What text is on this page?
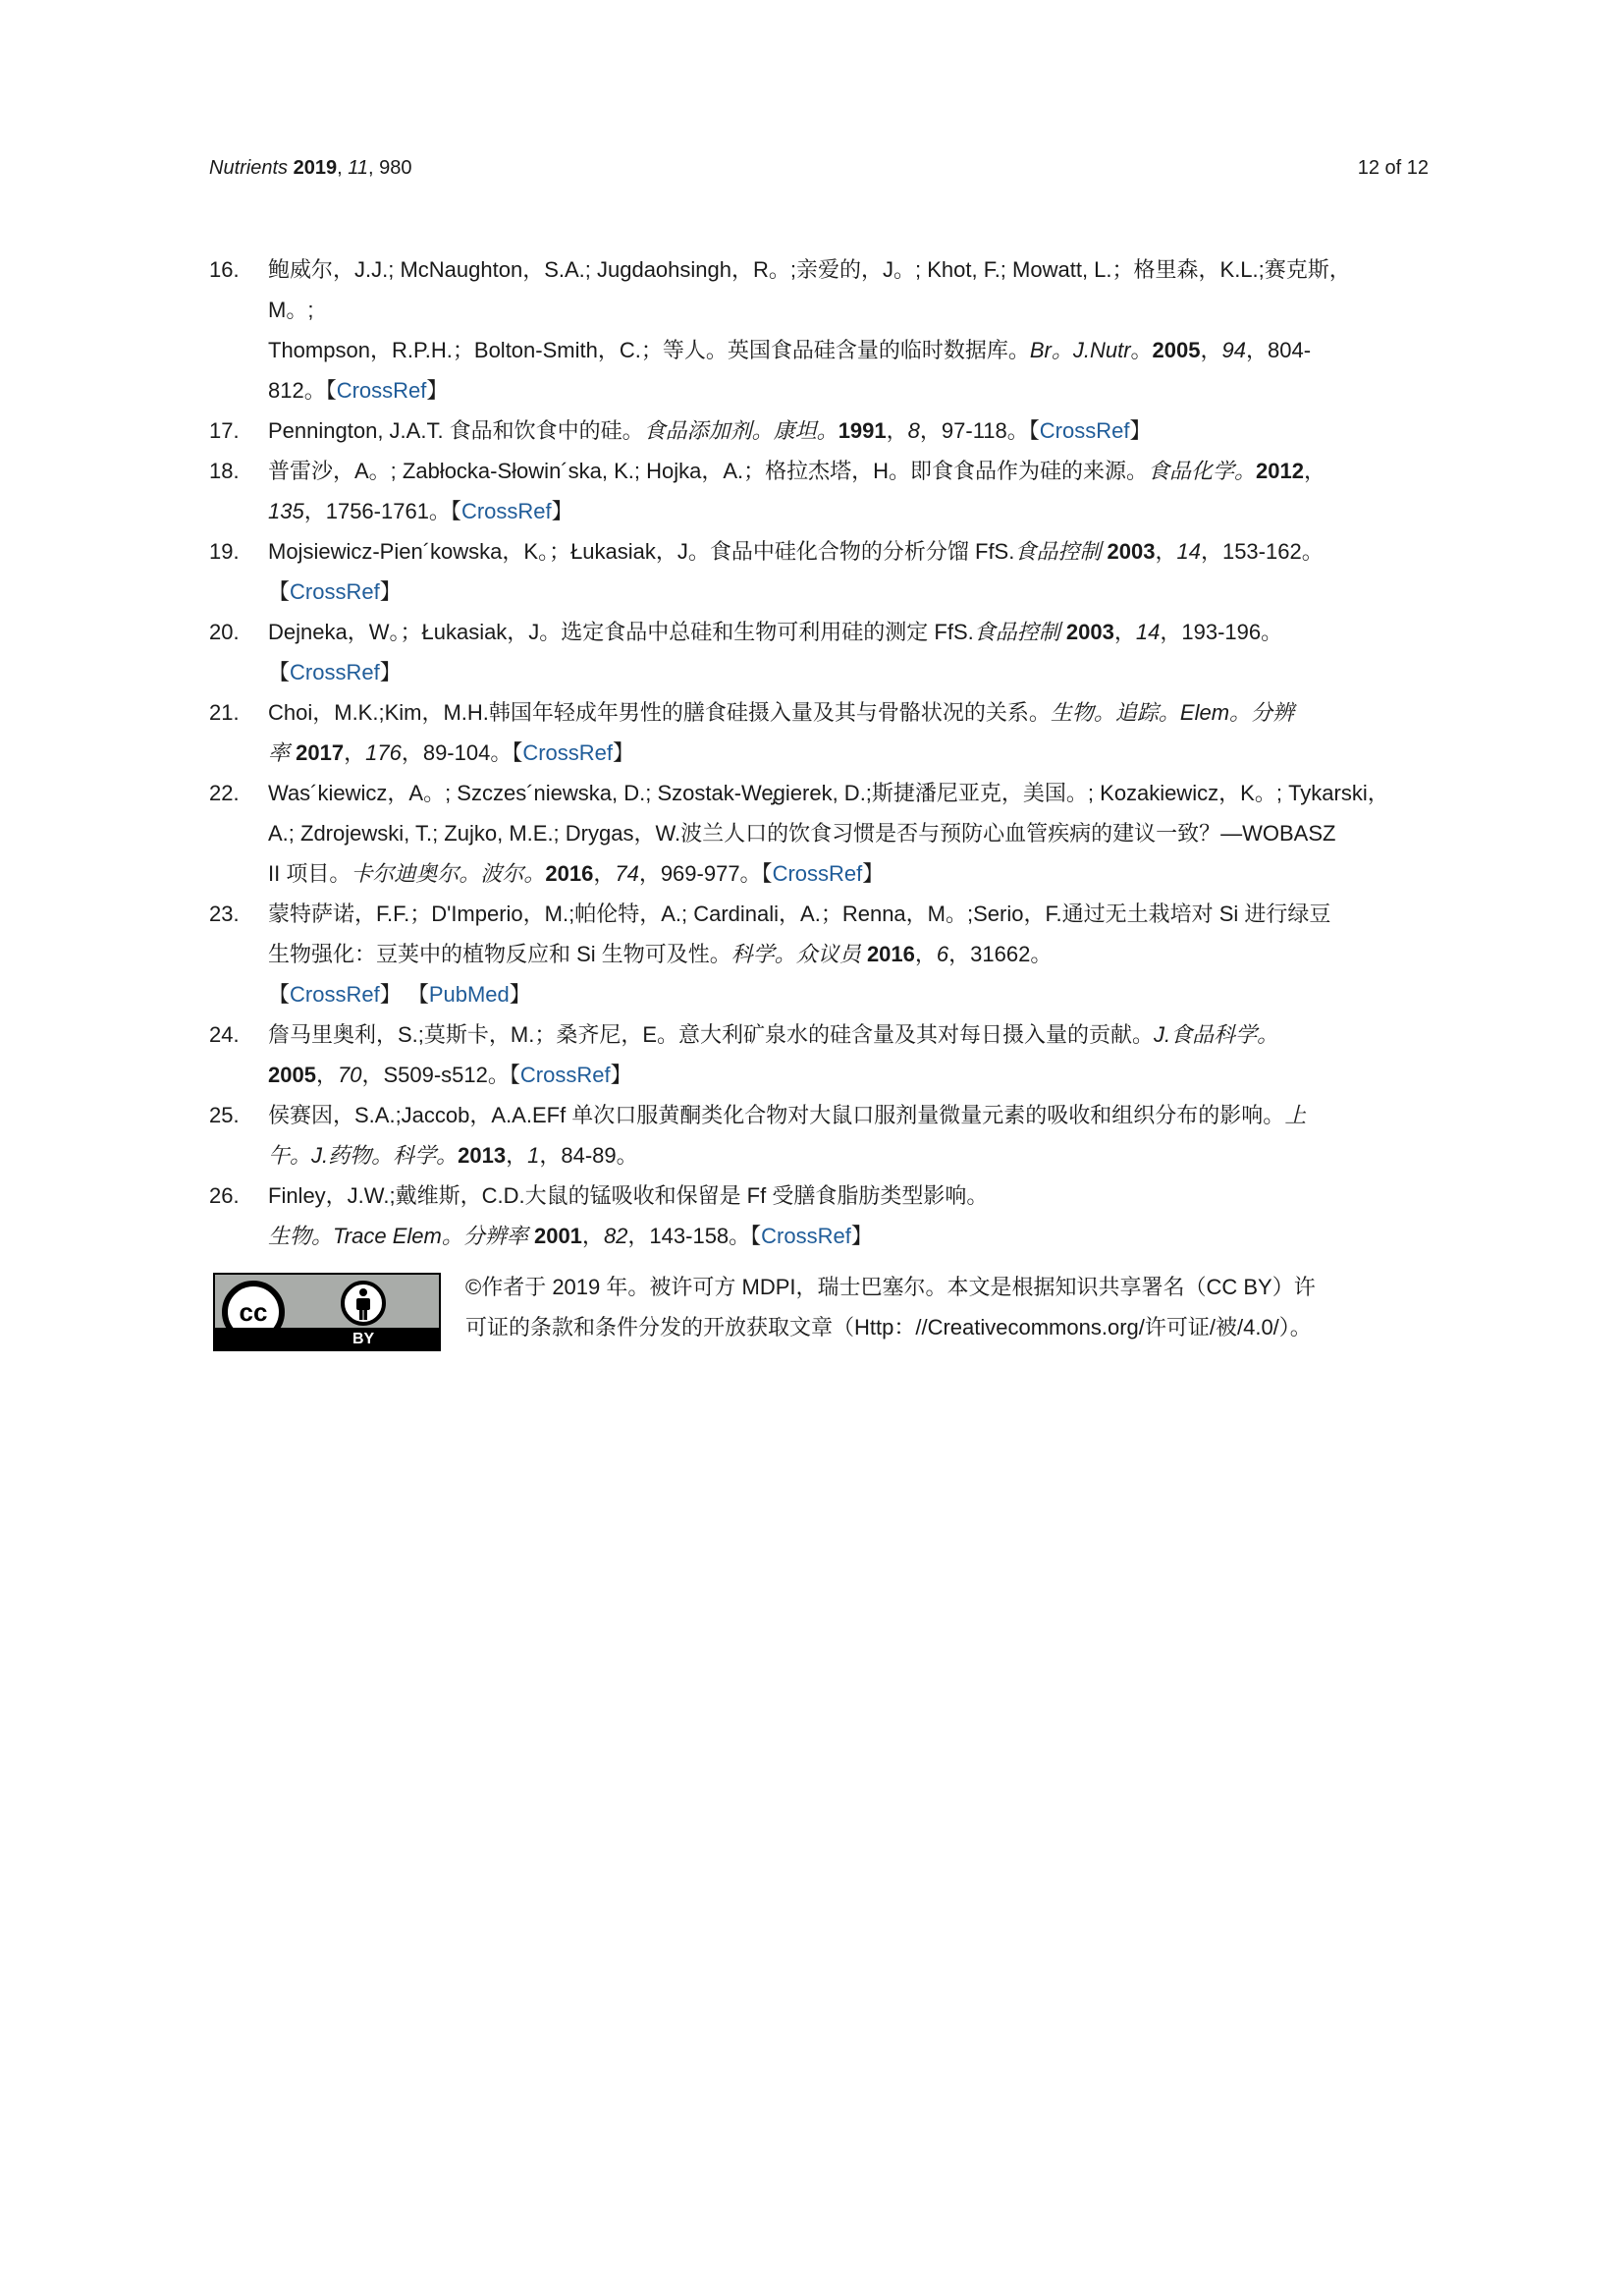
Nutrients 2019, 11, 980	12 of 12
16.	鲍威尔，J.J.; McNaughton，S.A.; Jugdaohsingh，R。;亲爱的，J。; Khot, F.; Mowatt, L.；格里森，K.L.;赛克斯，
M。;
Thompson，R.P.H.；Bolton-Smith，C.；等人。英国食品硅含量的临时数据库。Br。J.Nutr。2005，94，804-
812。【CrossRef】
17.	Pennington, J.A.T. 食品和饮食中的硅。食品添加剂。康坦。1991，8，97-118。【CrossRef】
18.	普雷沙，A。; Zabłocka-Słowin´ska, K.; Hojka，A.；格拉杰塔，H。即食食品作为硅的来源。食品化学。2012，
135，1756-1761。【CrossRef】
19.	Mojsiewicz-Pien´kowska，K。；Łukasiak，J。食品中硅化合物的分析分馏 FfS.食品控制 2003，14，153-162。
【CrossRef】
20.	Dejneka，W。；Łukasiak，J。选定食品中总硅和生物可利用硅的测定 FfS.食品控制 2003，14，193-196。
【CrossRef】
21.	Choi，M.K.;Kim，M.H.韩国年轻成年男性的膳食硅摄入量及其与骨骼状况的关系。生物。追踪。Elem。分辨
率 2017，176，89-104。【CrossRef】
22.	Was´kiewicz，A。; Szczes´niewska, D.; Szostak-We̡gierek, D.;斯捷潘尼亚克，美国。; Kozakiewicz，K。; Tykarski，
A.; Zdrojewski, T.; Zujko, M.E.; Drygas，W.波兰人口的饮食习惯是否与预防心血管疾病的建议一致？—WOBASZ
II 项目。卡尔迪奥尔。波尔。2016，74，969-977。【CrossRef】
23.	蒙特萨诺，F.F.；D'Imperio，M.;帕伦特，A.; Cardinali，A.；Renna，M。;Serio，F.通过无土栽培对 Si 进行绿豆
生物强化：豆荚中的植物反应和 Si 生物可及性。科学。众议员 2016，6，31662。
【CrossRef】 【PubMed】
24.	詹马里奥利，S.;莫斯卡，M.；桑齐尼，E。意大利矿泉水的硅含量及其对每日摄入量的贡献。J.食品科学。
2005，70，S509-s512。【CrossRef】
25.	侯赛因，S.A.;Jaccob，A.A.EFf 单次口服黄酮类化合物对大鼠口服剂量微量元素的吸收和组织分布的影响。上
午。J.药物。科学。2013，1，84-89。
26.	Finley，J.W.;戴维斯，C.D.大鼠的锰吸收和保留是 Ff 受膳食脂肪类型影响。
生物。Trace Elem。分辨率 2001，82，143-158。【CrossRef】
cc
BY
©作者于 2019 年。被许可方 MDPI，瑞士巴塞尔。本文是根据知识共享署名（CC BY）许
可证的条款和条件分发的开放获取文章（Http：//Creativecommons.org/许可证/被/4.0/）。
